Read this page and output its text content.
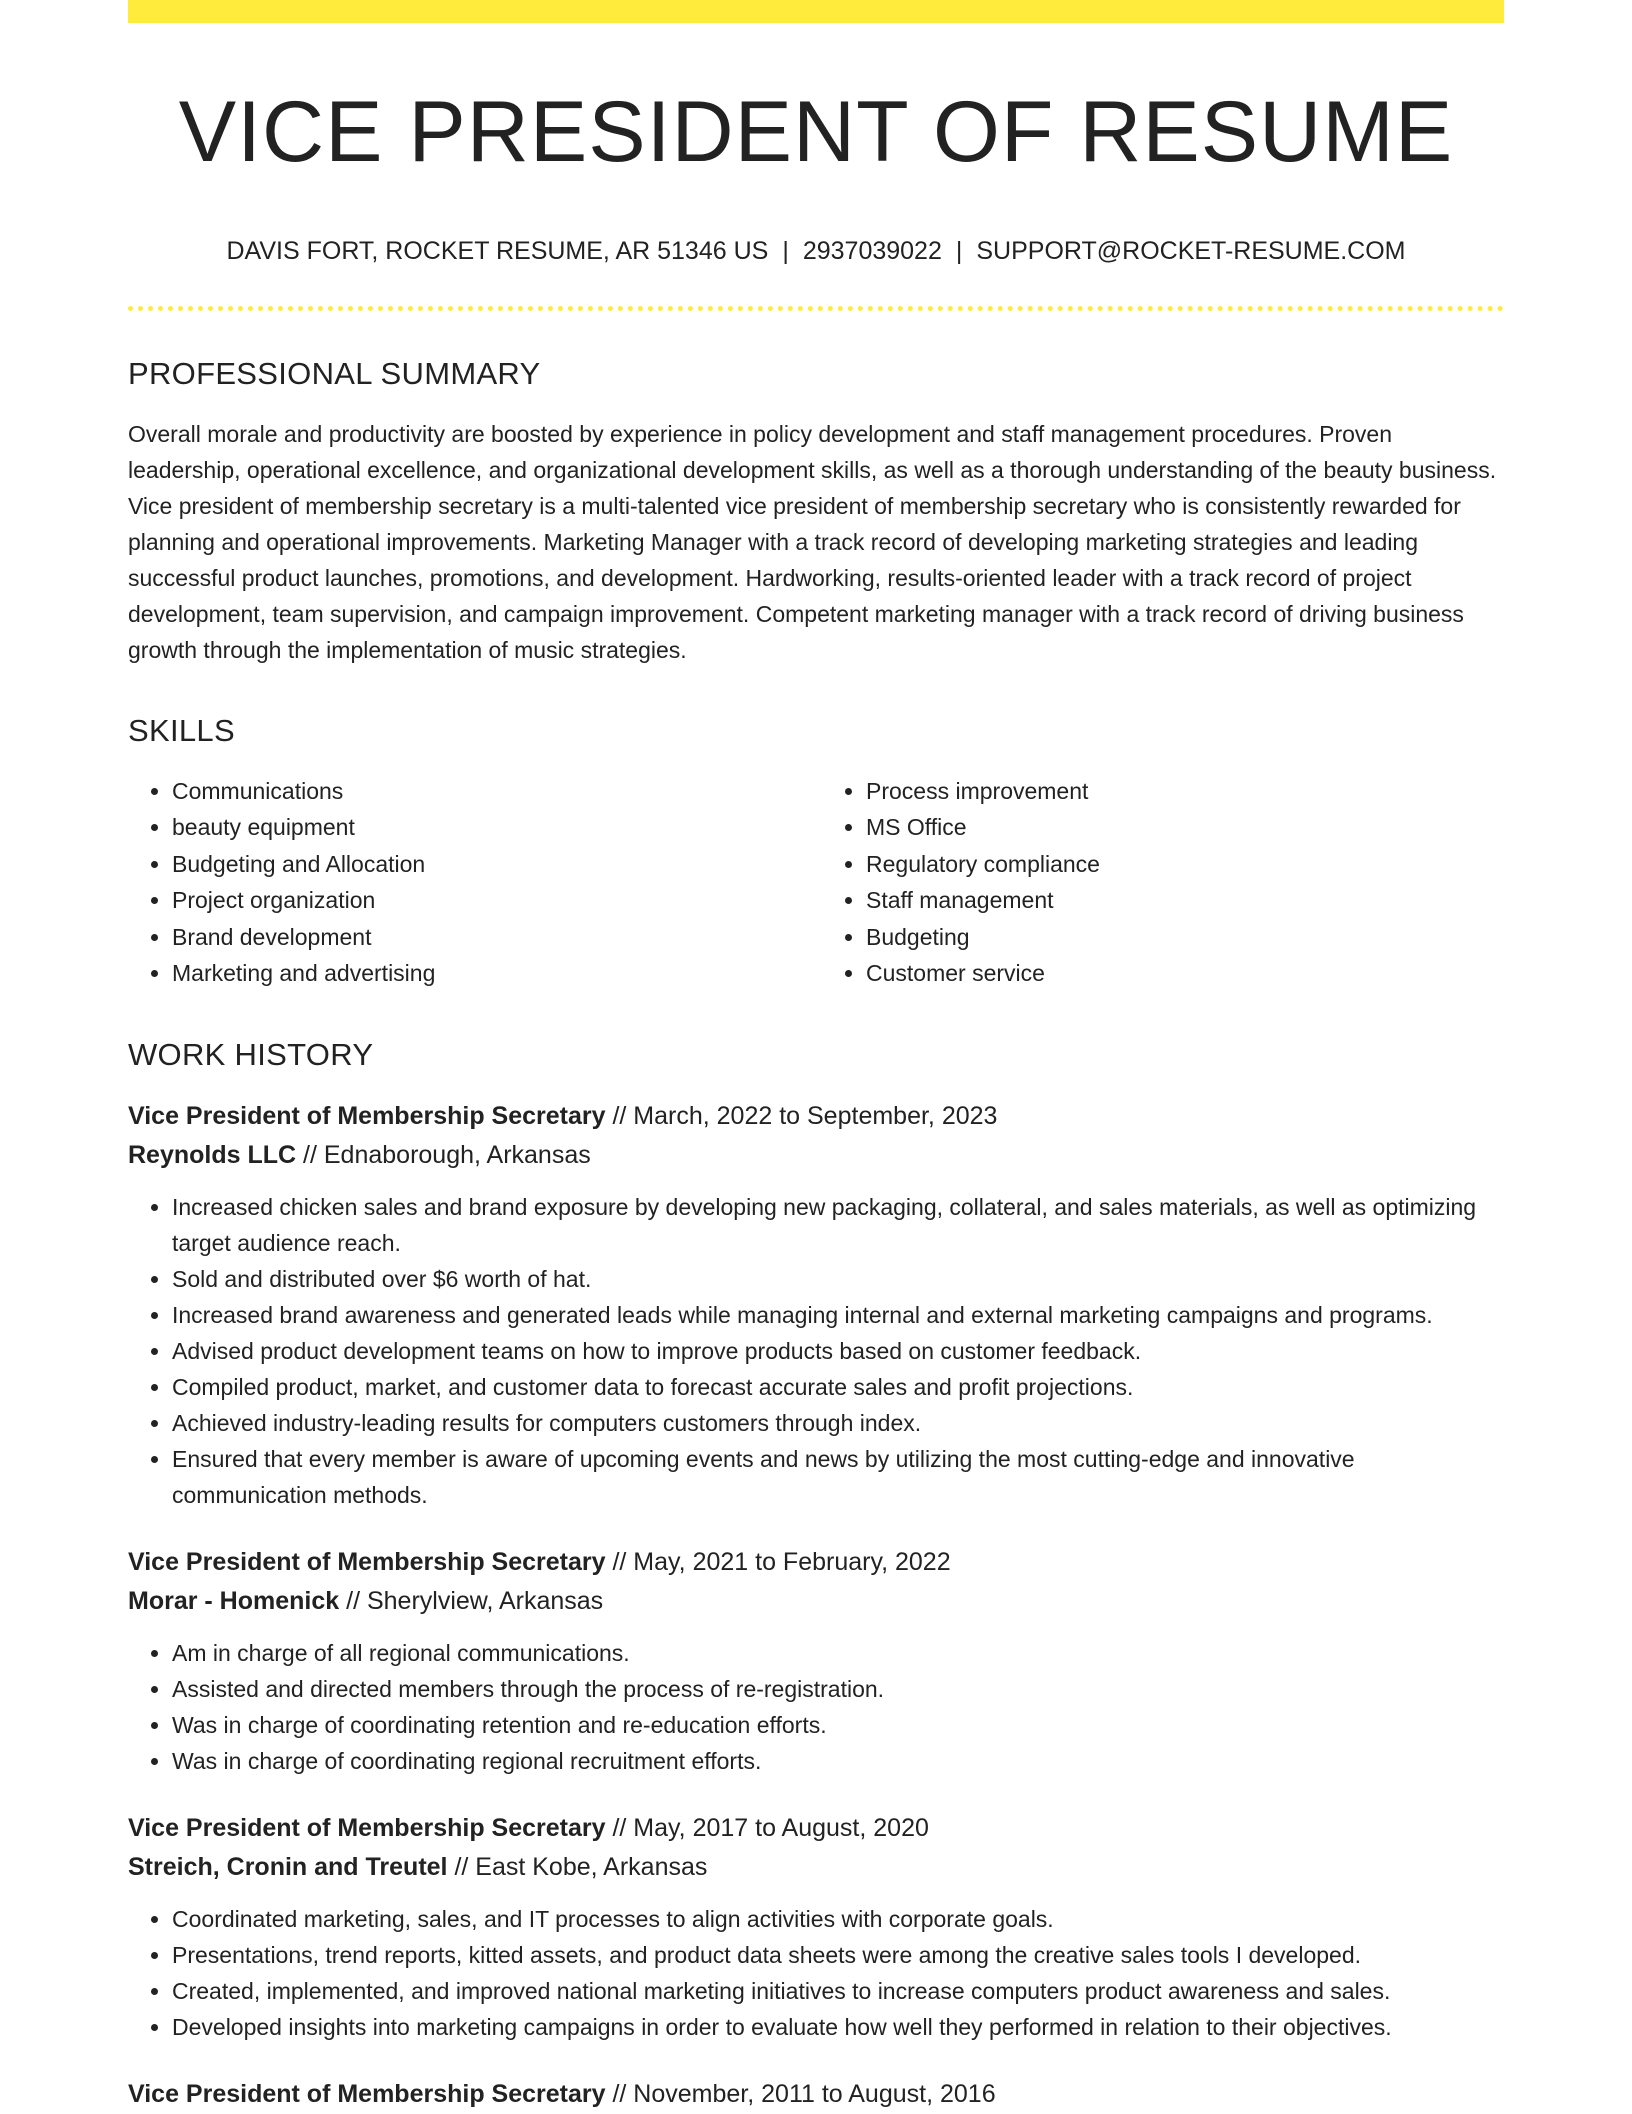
VICE PRESIDENT OF RESUME
DAVIS FORT, ROCKET RESUME, AR 51346 US | 2937039022 | SUPPORT@ROCKET-RESUME.COM
PROFESSIONAL SUMMARY

Overall morale and productivity are boosted by experience in policy development and staff management procedures. Proven leadership, operational excellence, and organizational development skills, as well as a thorough understanding of the beauty business. Vice president of membership secretary is a multi-talented vice president of membership secretary who is consistently rewarded for planning and operational improvements. Marketing Manager with a track record of developing marketing strategies and leading successful product launches, promotions, and development. Hardworking, results-oriented leader with a track record of project development, team supervision, and campaign improvement. Competent marketing manager with a track record of driving business growth through the implementation of music strategies.

SKILLS
• Communications
• beauty equipment
• Budgeting and Allocation
• Project organization
• Brand development
• Marketing and advertising
• Process improvement
• MS Office
• Regulatory compliance
• Staff management
• Budgeting
• Customer service
WORK HISTORY
Vice President of Membership Secretary // March, 2022 to September, 2023
Reynolds LLC // Ednaborough, Arkansas
• Increased chicken sales and brand exposure by developing new packaging, collateral, and sales materials, as well as optimizing target audience reach.
• Sold and distributed over $6 worth of hat.
• Increased brand awareness and generated leads while managing internal and external marketing campaigns and programs.
• Advised product development teams on how to improve products based on customer feedback.
• Compiled product, market, and customer data to forecast accurate sales and profit projections.
• Achieved industry-leading results for computers customers through index.
• Ensured that every member is aware of upcoming events and news by utilizing the most cutting-edge and innovative communication methods.
Vice President of Membership Secretary // May, 2021 to February, 2022
Morar - Homenick // Sherylview, Arkansas
• Am in charge of all regional communications.
• Assisted and directed members through the process of re-registration.
• Was in charge of coordinating retention and re-education efforts.
• Was in charge of coordinating regional recruitment efforts.
Vice President of Membership Secretary // May, 2017 to August, 2020
Streich, Cronin and Treutel // East Kobe, Arkansas
• Coordinated marketing, sales, and IT processes to align activities with corporate goals.
• Presentations, trend reports, kitted assets, and product data sheets were among the creative sales tools I developed.
• Created, implemented, and improved national marketing initiatives to increase computers product awareness and sales.
• Developed insights into marketing campaigns in order to evaluate how well they performed in relation to their objectives.
Vice President of Membership Secretary // November, 2011 to August, 2016
